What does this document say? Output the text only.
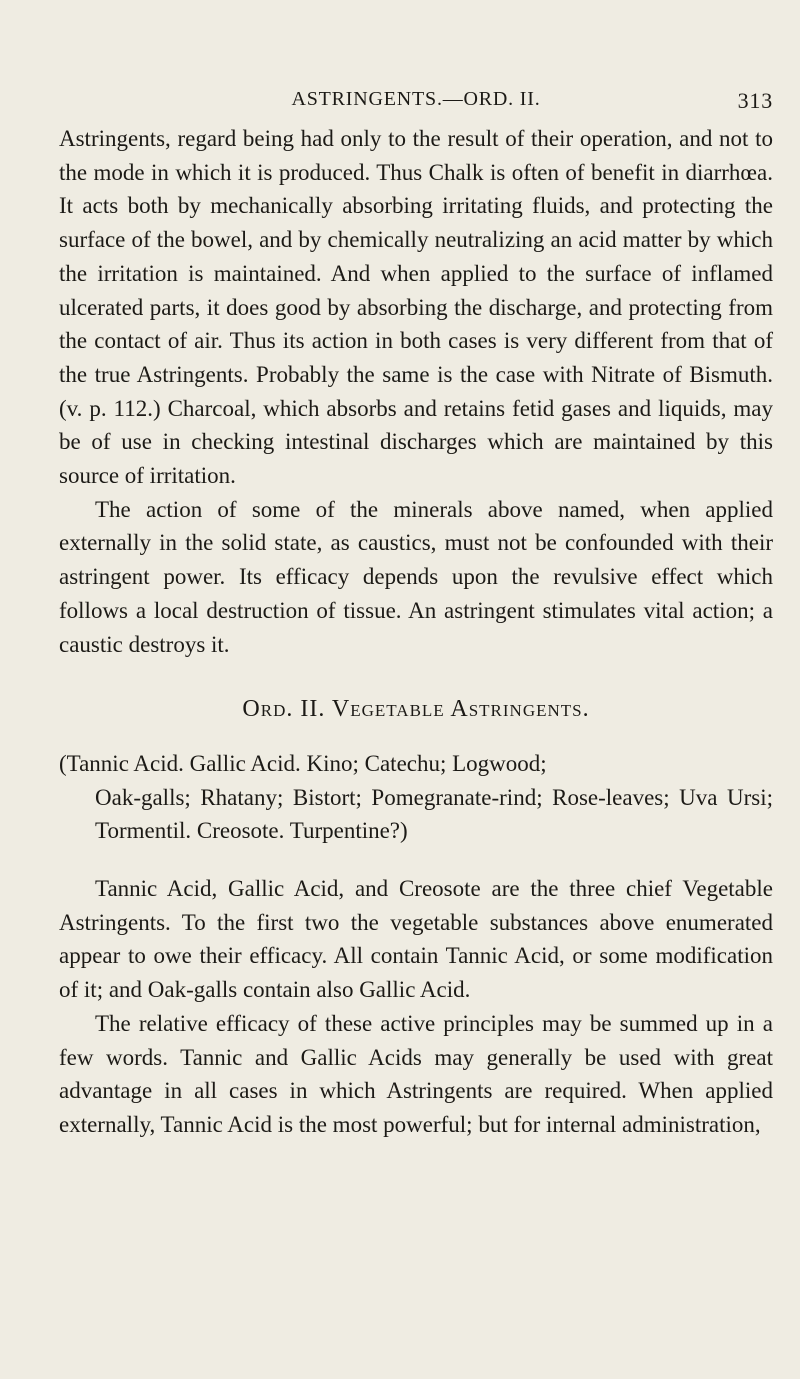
ASTRINGENTS.—ORD. II.	313

Astringents, regard being had only to the result of their operation, and not to the mode in which it is produced. Thus Chalk is often of benefit in diarrhœa. It acts both by mechanically absorbing irritating fluids, and protecting the surface of the bowel, and by chemically neutralizing an acid matter by which the irritation is maintained. And when applied to the surface of inflamed ulcerated parts, it does good by absorbing the discharge, and protecting from the contact of air. Thus its action in both cases is very different from that of the true Astringents. Probably the same is the case with Nitrate of Bismuth. (v. p. 112.) Charcoal, which absorbs and retains fetid gases and liquids, may be of use in checking intestinal discharges which are maintained by this source of irritation.

The action of some of the minerals above named, when applied externally in the solid state, as caustics, must not be confounded with their astringent power. Its efficacy depends upon the revulsive effect which follows a local destruction of tissue. An astringent stimulates vital action; a caustic destroys it.

Ord. II. Vegetable Astringents.

(Tannic Acid. Gallic Acid. Kino; Catechu; Logwood;

Oak-galls; Rhatany; Bistort; Pomegranate-rind; Rose-leaves; Uva Ursi; Tormentil. Creosote. Turpentine?)

Tannic Acid, Gallic Acid, and Creosote are the three chief Vegetable Astringents. To the first two the vegetable substances above enumerated appear to owe their efficacy. All contain Tannic Acid, or some modification of it; and Oak-galls contain also Gallic Acid.

The relative efficacy of these active principles may be summed up in a few words. Tannic and Gallic Acids may generally be used with great advantage in all cases in which Astringents are required. When applied externally, Tannic Acid is the most powerful; but for internal administration,
